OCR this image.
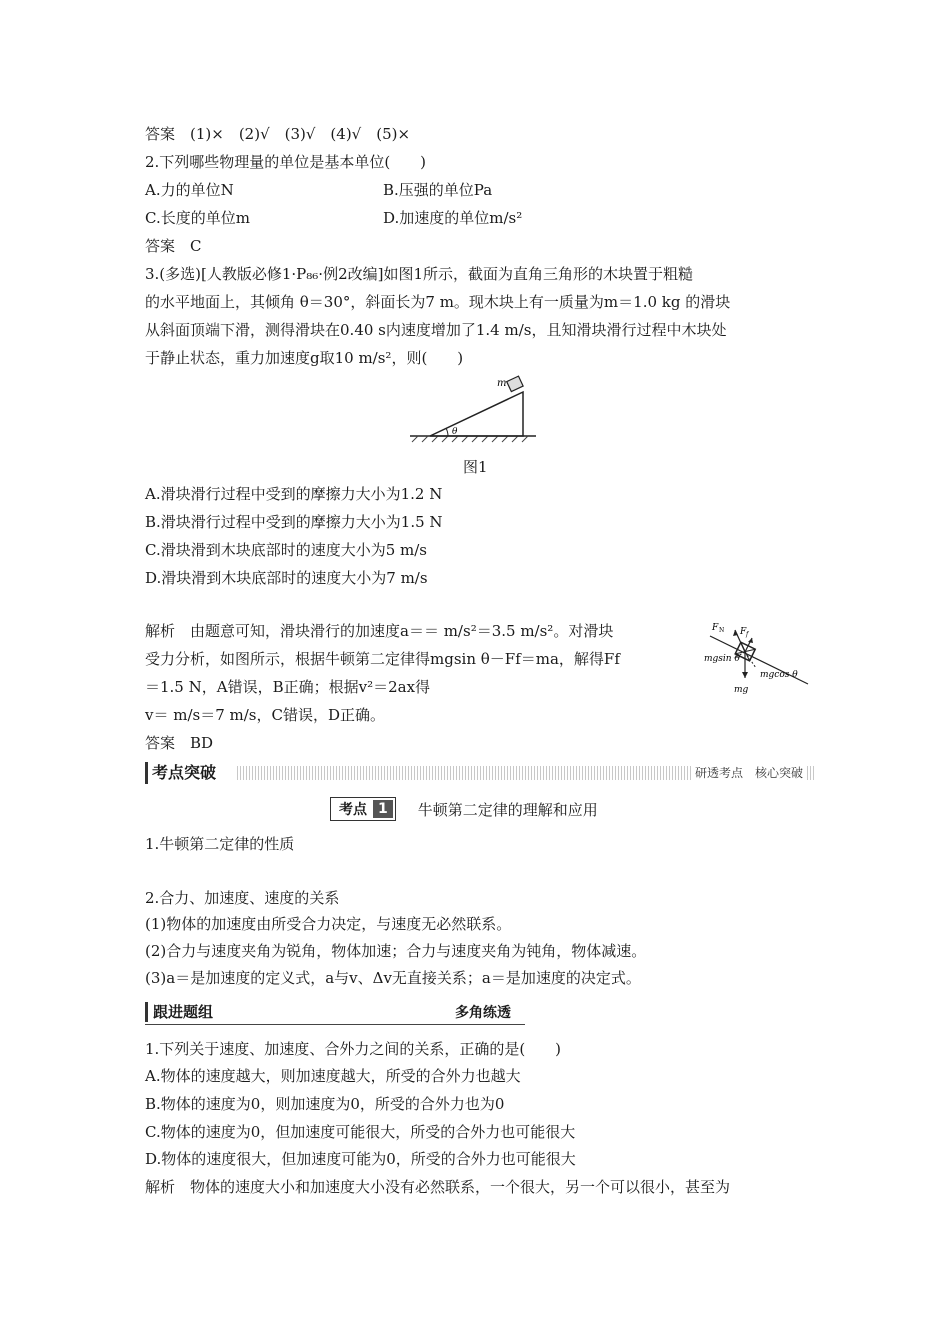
答案　(1)×　(2)√　(3)√　(4)√　(5)×
2.下列哪些物理量的单位是基本单位(　　)
A.力的单位N	B.压强的单位Pa
C.长度的单位m	D.加速度的单位m/s²
答案　C
3.(多选)[人教版必修1·P₈₆·例2改编]如图1所示，截面为直角三角形的木块置于粗糙
的水平地面上，其倾角 θ＝30°，斜面长为7 m。现木块上有一质量为m＝1.0 kg 的滑块
从斜面顶端下滑，测得滑块在0.40 s内速度增加了1.4 m/s，且知滑块滑行过程中木块处
于静止状态，重力加速度g取10 m/s²，则(　　)
m
θ
图1
A.滑块滑行过程中受到的摩擦力大小为1.2 N
B.滑块滑行过程中受到的摩擦力大小为1.5 N
C.滑块滑到木块底部时的速度大小为5 m/s
D.滑块滑到木块底部时的速度大小为7 m/s
解析　由题意可知，滑块滑行的加速度a＝＝ m/s²＝3.5 m/s²。对滑块
受力分析，如图所示，根据牛顿第二定律得mgsin θ－Ff＝ma，解得Ff
＝1.5 N，A错误，B正确；根据v²＝2ax得
v＝ m/s＝7 m/s，C错误，D正确。
F N F f
mgsin θ
mgcos θ
mg
答案　BD
考点突破	研透考点　核心突破
考点 1	牛顿第二定律的理解和应用
1.牛顿第二定律的性质
2.合力、加速度、速度的关系
(1)物体的加速度由所受合力决定，与速度无必然联系。
(2)合力与速度夹角为锐角，物体加速；合力与速度夹角为钝角，物体减速。
(3)a＝是加速度的定义式，a与v、Δv无直接关系；a＝是加速度的决定式。
跟进题组	多角练透
1.下列关于速度、加速度、合外力之间的关系，正确的是(　　)
A.物体的速度越大，则加速度越大，所受的合外力也越大
B.物体的速度为0，则加速度为0，所受的合外力也为0
C.物体的速度为0，但加速度可能很大，所受的合外力也可能很大
D.物体的速度很大，但加速度可能为0，所受的合外力也可能很大
解析　物体的速度大小和加速度大小没有必然联系，一个很大，另一个可以很小，甚至为
